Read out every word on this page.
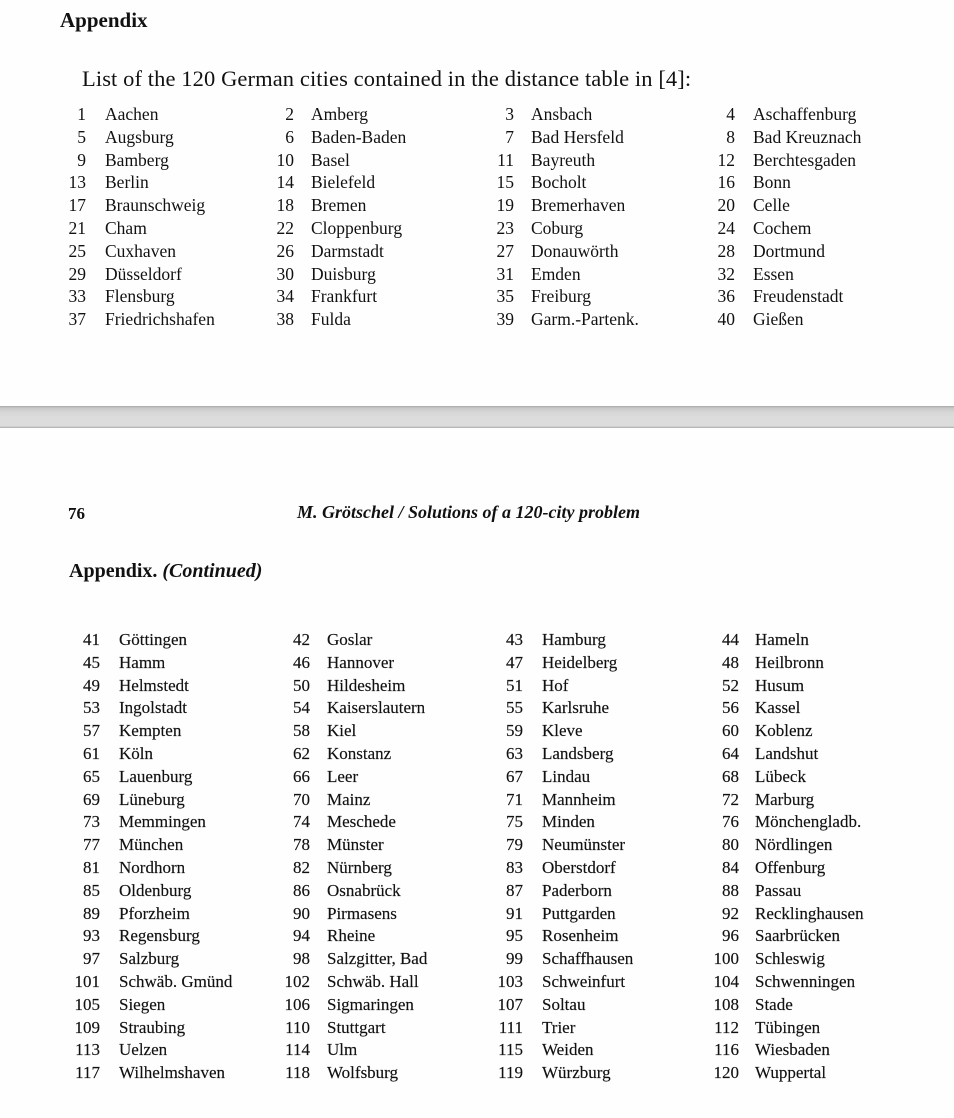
Appendix
List of the 120 German cities contained in the distance table in [4]:
1 Aachen	2 Amberg	3 Ansbach	4 Aschaffenburg
5 Augsburg	6 Baden-Baden	7 Bad Hersfeld	8 Bad Kreuznach
9 Bamberg	10 Basel	11 Bayreuth	12 Berchtesgaden
13 Berlin	14 Bielefeld	15 Bocholt	16 Bonn
17 Braunschweig	18 Bremen	19 Bremerhaven	20 Celle
21 Cham	22 Cloppenburg	23 Coburg	24 Cochem
25 Cuxhaven	26 Darmstadt	27 Donauwörth	28 Dortmund
29 Düsseldorf	30 Duisburg	31 Emden	32 Essen
33 Flensburg	34 Frankfurt	35 Freiburg	36 Freudenstadt
37 Friedrichshafen	38 Fulda	39 Garm.-Partenk.	40 Gießen
76	M. Grötschel / Solutions of a 120-city problem
Appendix. (Continued)
41 Göttingen	42 Goslar	43 Hamburg	44 Hameln
45 Hamm	46 Hannover	47 Heidelberg	48 Heilbronn
49 Helmstedt	50 Hildesheim	51 Hof	52 Husum
53 Ingolstadt	54 Kaiserslautern	55 Karlsruhe	56 Kassel
57 Kempten	58 Kiel	59 Kleve	60 Koblenz
61 Köln	62 Konstanz	63 Landsberg	64 Landshut
65 Lauenburg	66 Leer	67 Lindau	68 Lübeck
69 Lüneburg	70 Mainz	71 Mannheim	72 Marburg
73 Memmingen	74 Meschede	75 Minden	76 Mönchengladb.
77 München	78 Münster	79 Neumünster	80 Nördlingen
81 Nordhorn	82 Nürnberg	83 Oberstdorf	84 Offenburg
85 Oldenburg	86 Osnabrück	87 Paderborn	88 Passau
89 Pforzheim	90 Pirmasens	91 Puttgarden	92 Recklinghausen
93 Regensburg	94 Rheine	95 Rosenheim	96 Saarbrücken
97 Salzburg	98 Salzgitter, Bad	99 Schaffhausen	100 Schleswig
101 Schwäb. Gmünd	102 Schwäb. Hall	103 Schweinfurt	104 Schwenningen
105 Siegen	106 Sigmaringen	107 Soltau	108 Stade
109 Straubing	110 Stuttgart	111 Trier	112 Tübingen
113 Uelzen	114 Ulm	115 Weiden	116 Wiesbaden
117 Wilhelmshaven	118 Wolfsburg	119 Würzburg	120 Wuppertal
